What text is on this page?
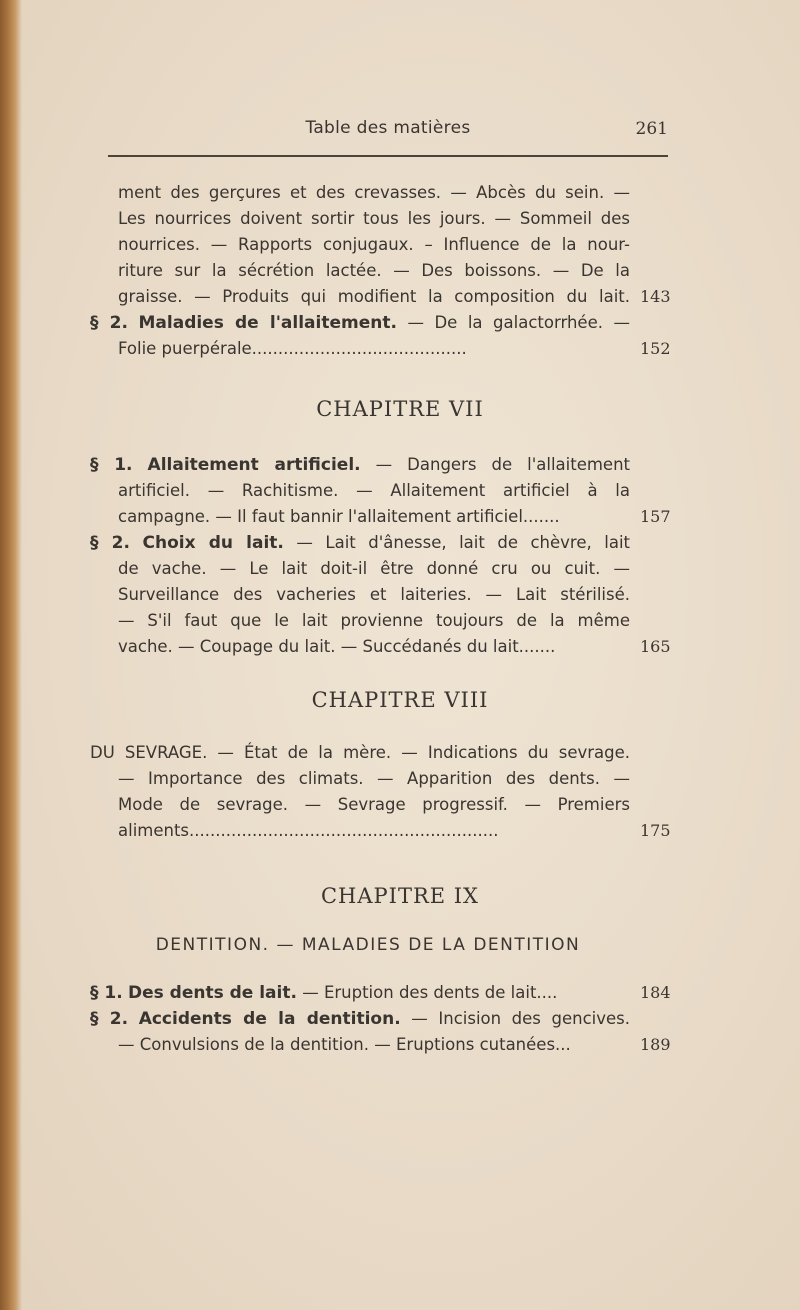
Table des matières	261
ment des gerçures et des crevasses. — Abcès du sein. —
Les nourrices doivent sortir tous les jours. — Sommeil des
nourrices. — Rapports conjugaux. – Influence de la nour-
riture sur la sécrétion lactée. — Des boissons. — De la
graisse. — Produits qui modifient la composition du lait. 143
§ 2. Maladies de l'allaitement. — De la galactorrhée. —
Folie puerpérale.........................................	152
CHAPITRE VII
§ 1. Allaitement artificiel. — Dangers de l'allaitement
artificiel. — Rachitisme. — Allaitement artificiel à la
campagne. — Il faut bannir l'allaitement artificiel.......	157
§ 2. Choix du lait. — Lait d'ânesse, lait de chèvre, lait
de vache. — Le lait doit-il être donné cru ou cuit. —
Surveillance des vacheries et laiteries. — Lait stérilisé.
— S'il faut que le lait provienne toujours de la même
vache. — Coupage du lait. — Succédanés du lait.......	165
CHAPITRE VIII
DU SEVRAGE. — État de la mère. — Indications du sevrage.
— Importance des climats. — Apparition des dents. —
Mode de sevrage. — Sevrage progressif. — Premiers
aliments...........................................................	175
CHAPITRE IX
DENTITION. — MALADIES DE LA DENTITION
§ 1. Des dents de lait. — Eruption des dents de lait....	184
§ 2. Accidents de la dentition. — Incision des gencives.
— Convulsions de la dentition. — Eruptions cutanées...	189
